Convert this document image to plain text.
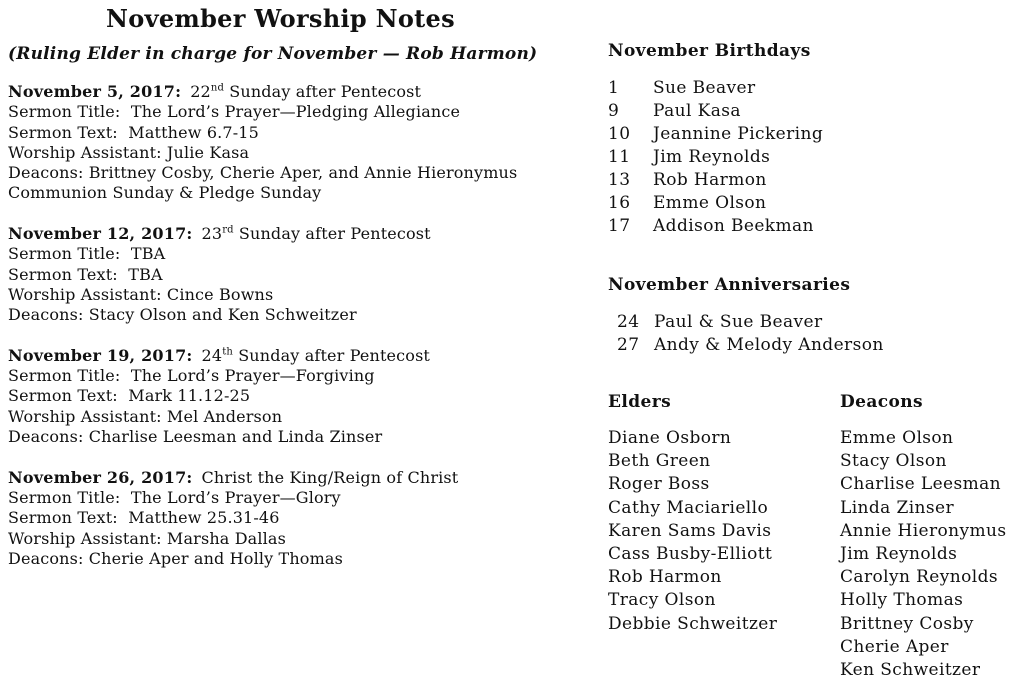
November Worship Notes

(Ruling Elder in charge for November — Rob Harmon)

November 5, 2017: 22nd Sunday after Pentecost

Sermon Title:  The Lord’s Prayer—Pledging Allegiance

Sermon Text:  Matthew 6.7-15

Worship Assistant: Julie Kasa

Deacons: Brittney Cosby, Cherie Aper, and Annie Hieronymus

Communion Sunday & Pledge Sunday

November 12, 2017: 23rd Sunday after Pentecost

Sermon Title:  TBA

Sermon Text:  TBA

Worship Assistant: Cince Bowns

Deacons: Stacy Olson and Ken Schweitzer

November 19, 2017: 24th Sunday after Pentecost

Sermon Title:  The Lord’s Prayer—Forgiving

Sermon Text:  Mark 11.12-25

Worship Assistant: Mel Anderson

Deacons: Charlise Leesman and Linda Zinser

November 26, 2017: Christ the King/Reign of Christ

Sermon Title:  The Lord’s Prayer—Glory

Sermon Text:  Matthew 25.31-46

Worship Assistant: Marsha Dallas

Deacons: Cherie Aper and Holly Thomas

November Birthdays
1 Sue Beaver
9 Paul Kasa
10 Jeannine Pickering
11 Jim Reynolds
13 Rob Harmon
16 Emme Olson
17 Addison Beekman
November Anniversaries
24 Paul & Sue Beaver
27 Andy & Melody Anderson
Elders
Diane Osborn
Beth Green
Roger Boss
Cathy Maciariello
Karen Sams Davis
Cass Busby-Elliott
Rob Harmon
Tracy Olson
Debbie Schweitzer
Deacons
Emme Olson
Stacy Olson
Charlise Leesman
Linda Zinser
Annie Hieronymus
Jim Reynolds
Carolyn Reynolds
Holly Thomas
Brittney Cosby
Cherie Aper
Ken Schweitzer
